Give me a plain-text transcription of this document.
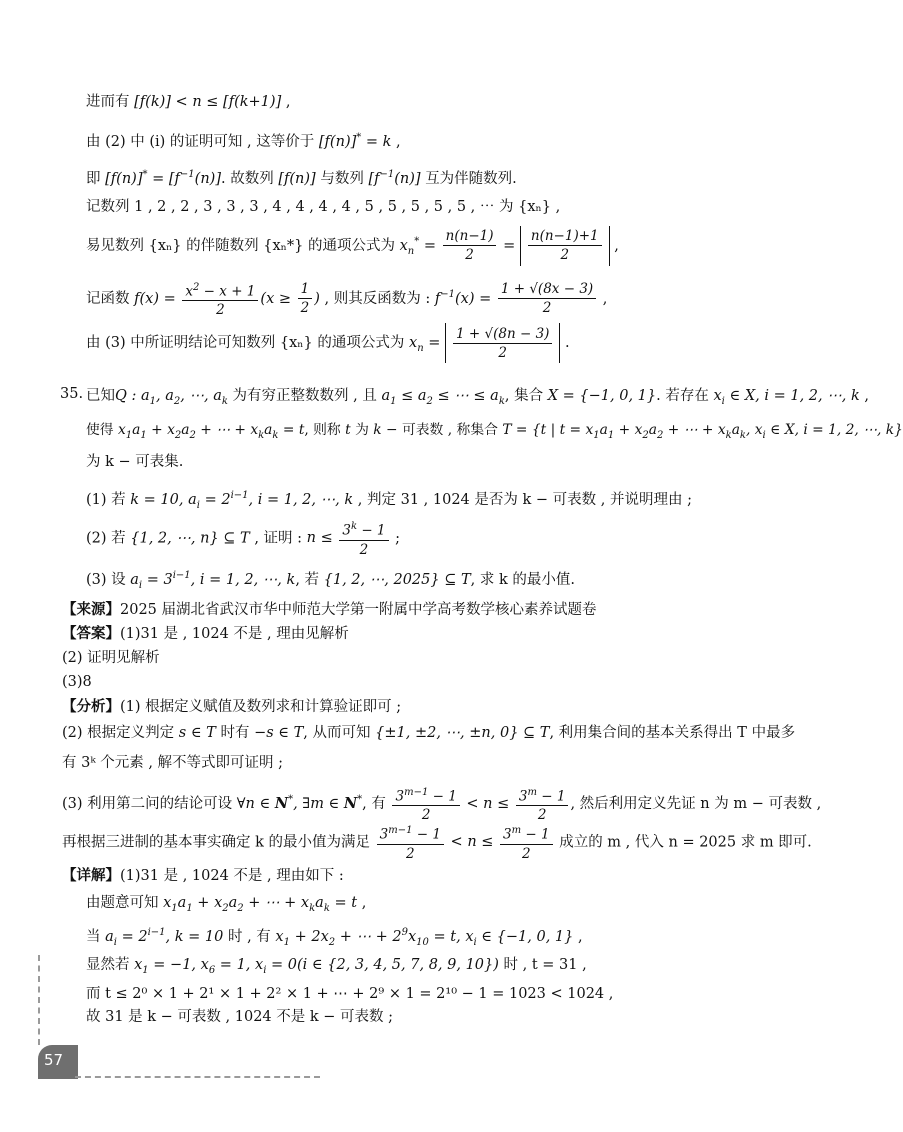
进而有 [f(k)] < n ≤ [f(k+1)] ,
由 (2) 中 (i) 的证明可知 , 这等价于 [f(n)]* = k ,
即 $[f(n)]^* = [f^{-1}(n)]$. 故数列 [f(n)] 与数列 $[f^{-1}(n)]$ 互为伴随数列.
记数列 1 , 2 , 2 , 3 , 3 , 3 , 4 , 4 , 4 , 4 , 5 , 5 , 5 , 5 , 5 , ⋯ 为 {xₙ} ,
易见数列 {xₙ} 的伴随数列 {xₙ*} 的通项公式为 $x_n^* = \frac{n(n-1)}{2} = \frac{n(n-1)+1}{2}$ ,
记函数 $f(x) = \frac{x^2 - x + 1}{2} (x \ge \frac{1}{2}$ ) , 则其反函数为 : $f^{-1}(x) = \frac{1 + √(8x - 3)}{2}$ ,
由 (3) 中所证明结论可知数列 {xₙ} 的通项公式为 $x_n = \frac{1 + √(8n - 3)}{2}$ .
35. 已知Q : $a_1$, $a_2$, ⋯, $a_k$ 为有穷正整数数列 , 且 $a_1 \le a_2$ ≤ ⋯ ≤ $a_k$, 集合 X = {−1, 0, 1}. 若存在 $x_i$ ∈ X, i = 1, 2, ⋯, k ,
使得 $x_1a_1 + x_2a_2$ + ⋯ + $x_ka_k = t$, 则称 t 为 k − 可表数 , 称集合 T = {t | $t = x_1a_1 + x_2a_2$ + ⋯ + $x_ka_k$, $x_i$ ∈ X, i = 1, 2, ⋯, k}
为 k − 可表集.
(1) 若 k = 10, $a_i = 2^{i-1}$, i = 1, 2, ⋯, k , 判定 31 , 1024 是否为 k − 可表数 , 并说明理由 ;
(2) 若 {1, 2, ⋯, n} ⊆ T , 证明 : $n \le \frac{3^k - 1}{2}$ ;
(3) 设 $a_i = 3^{i-1}$, i = 1, 2, ⋯, k, 若 {1, 2, ⋯, 2025} ⊆ T, 求 k 的最小值.
【来源】2025 届湖北省武汉市华中师范大学第一附属中学高考数学核心素养试题卷
【答案】(1)31 是 , 1024 不是 , 理由见解析
(2) 证明见解析
(3)8
【分析】(1) 根据定义赋值及数列求和计算验证即可 ;
(2) 根据定义判定 s ∈ T 时有 −s ∈ T, 从而可知 {±1, ±2, ⋯, ±n, 0} ⊆ T, 利用集合间的基本关系得出 T 中最多
有 3ᵏ 个元素 , 解不等式即可证明 ;
(3) 利用第二问的结论可设 ∀n ∈ N*, ∃m ∈ N*, 有 $\frac{3^{m-1} - 1}{2} < n \le \frac{3^m - 1}{2}$ , 然后利用定义先证 n 为 m − 可表数 ,
再根据三进制的基本事实确定 k 的最小值为满足 $\frac{3^{m-1} - 1}{2} < n \le \frac{3^m - 1}{2}$ 成立的 m , 代入 n = 2025 求 m 即可.
【详解】(1)31 是 , 1024 不是 , 理由如下 :
由题意可知 $x_1a_1 + x_2a_2$ + ⋯ + $x_ka_k = t$ ,
当 $a_i = 2^{i-1}$, k = 10 时 , 有 $x_1 + 2x_2$ + ⋯ + $2^9x_{10} = t$, $x_i$ ∈ {−1, 0, 1} ,
显然若 $x_1 = -1$, $x_6 = 1$, $x_i = 0(i$ ∈ {2, 3, 4, 5, 7, 8, 9, 10}) 时 , t = 31 ,
而 t ≤ 2⁰ × 1 + 2¹ × 1 + 2² × 1 + ⋯ + 2⁹ × 1 = 2¹⁰ − 1 = 1023 < 1024 ,
故 31 是 k − 可表数 , 1024 不是 k − 可表数 ;
57
